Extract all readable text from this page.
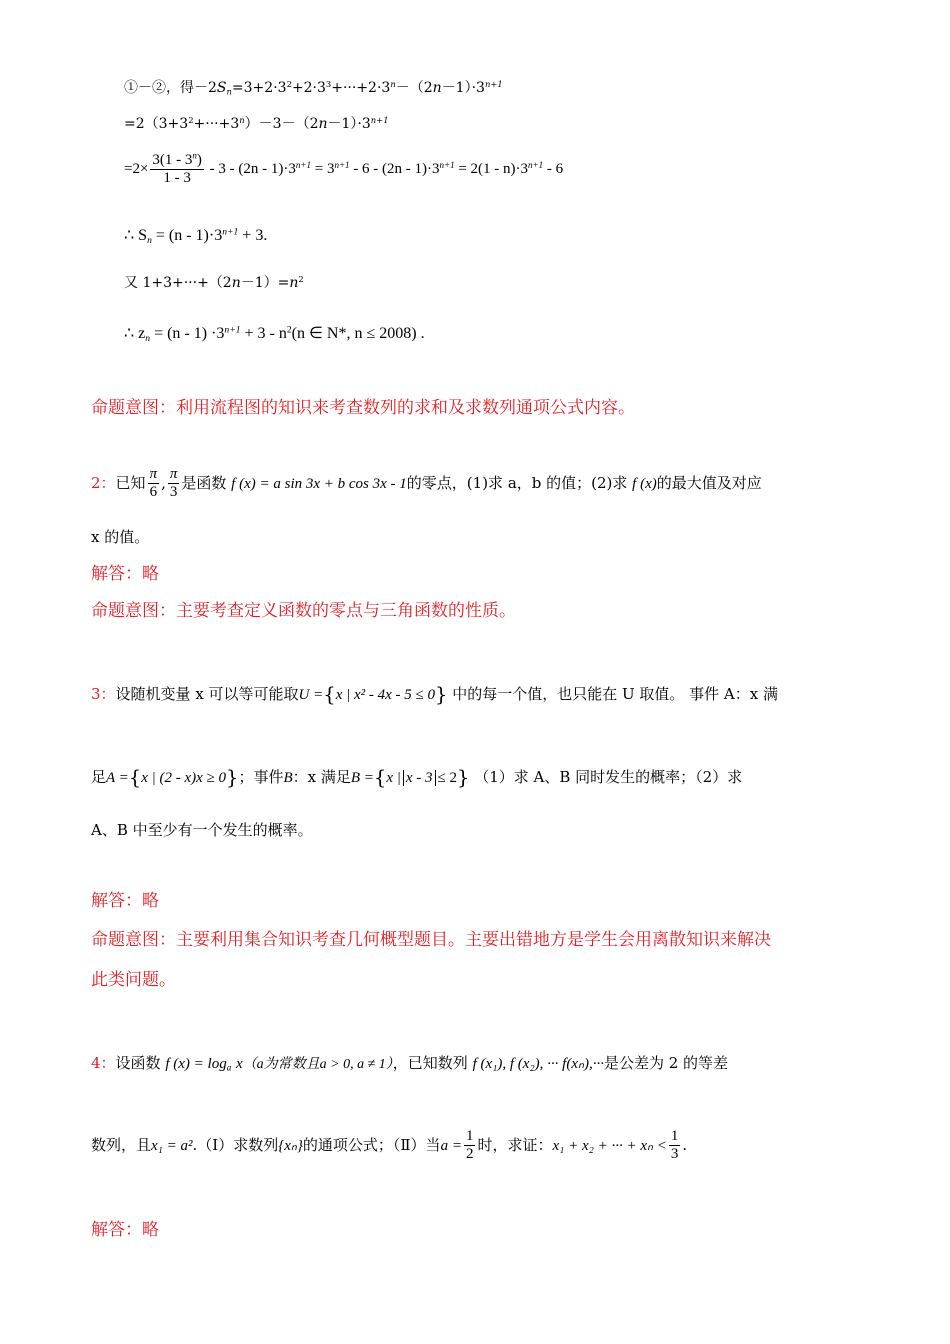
①－②，得$-2S_n=3+2\cdot 3^2+2\cdot 3^3+\cdot\cdot\cdot+2\cdot 3^n-(2n-1)\cdot 3^{n+1}$
$=2(3+3^2+\cdot\cdot\cdot+3^n)-3-(2n-1)\cdot 3^{n+1}$
$=2\times \frac{3(1 - 3^n)}{1 - 3} - 3 - (2n - 1)\cdot 3^{n+1} = 3^{n+1} - 6 - (2n - 1)\cdot 3^{n+1} = 2(1 - n)\cdot 3^{n+1} - 6$
∴ $S_n = (n - 1)\cdot 3^{n+1} + 3$.
又 $1+3+\cdot\cdot\cdot+(2n-1)=n^2$
∴ $z_n = (n - 1) \cdot 3^{n+1} + 3 - n^2(n$ ∈ N*, n ≤ 2008) .
命题意图：利用流程图的知识来考查数列的求和及求数列通项公式内容。
2：已知 $\frac{\pi}{6}$ , $\frac{\pi}{3}$ 是函数 f (x) = a sin 3x + b cos 3x - 1的零点，(1)求 a，b 的值；(2)求 f (x)的最大值及对应
x 的值。
解答：略
命题意图：主要考查定义函数的零点与三角函数的性质。
3：设随机变量 x 可以等可能取U ={x | x² - 4x - 5 ≤ 0} 中的每一个值，也只能在 U 取值。 事件 A：x 满
足A ={x | (2 - x)x ≥ 0}；事件B：x 满足B ={x | x - 3 ≤ 2} （1）求 A、B 同时发生的概率；（2）求
A、B 中至少有一个发生的概率。
解答：略
命题意图：主要利用集合知识考查几何概型题目。主要出错地方是学生会用离散知识来解决
此类问题。
4：设函数 f $(x) = \log_a x(a$为常数且a > 0, a ≠ 1），已知数列 f (x₁), f (x₂), ··· f(xₙ),···是公差为 2 的等差
数列，且x₁ = a².（Ⅰ）求数列{xₙ}的通项公式；（Ⅱ）当$a = \frac{1}{2}$ 时，求证：x₁ + x₂ + ··· + $x_n < \frac{1}{3}$ .
解答：略
